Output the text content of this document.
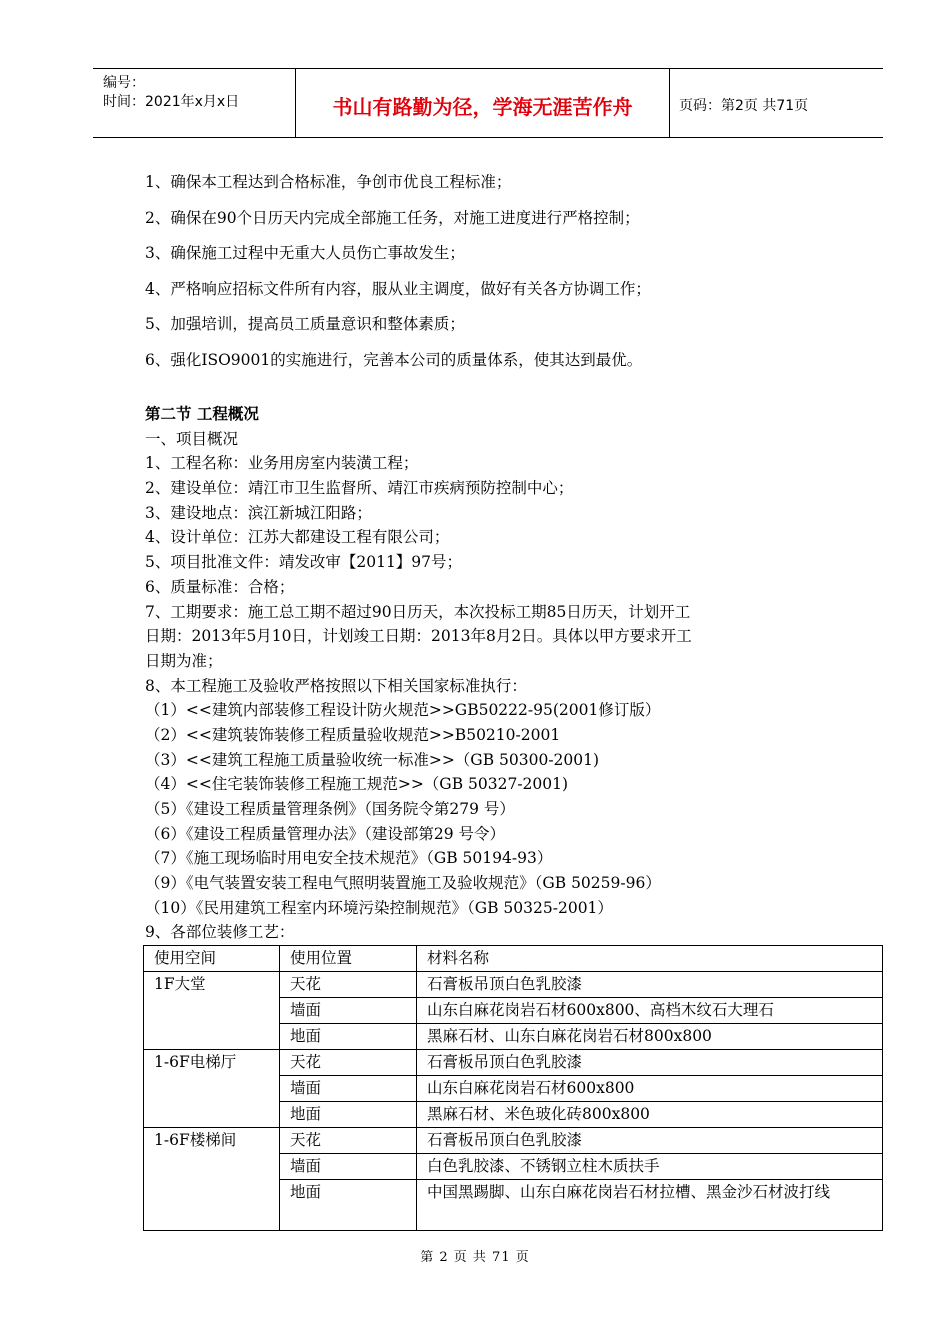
编号：
时间：2021年x月x日	书山有路勤为径，学海无涯苦作舟	页码：第2页 共71页

1、确保本工程达到合格标准，争创市优良工程标准；

2、确保在90个日历天内完成全部施工任务，对施工进度进行严格控制；

3、确保施工过程中无重大人员伤亡事故发生；

4、严格响应招标文件所有内容，服从业主调度，做好有关各方协调工作；

5、加强培训，提高员工质量意识和整体素质；

6、强化ISO9001的实施进行，完善本公司的质量体系，使其达到最优。

第二节 工程概况
一、项目概况
1、工程名称：业务用房室内装潢工程；
2、建设单位：靖江市卫生监督所、靖江市疾病预防控制中心；
3、建设地点：滨江新城江阳路；
4、设计单位：江苏大都建设工程有限公司；
5、项目批准文件：靖发改审【2011】97号；
6、质量标准：合格；
7、工期要求：施工总工期不超过90日历天，本次投标工期85日历天，计划开工
日期：2013年5月10日，计划竣工日期：2013年8月2日。具体以甲方要求开工
日期为准；
8、本工程施工及验收严格按照以下相关国家标准执行：
（1）<<建筑内部装修工程设计防火规范>>GB50222-95(2001修订版）
（2）<<建筑装饰装修工程质量验收规范>>B50210-2001
（3）<<建筑工程施工质量验收统一标准>>（GB 50300-2001)
（4）<<住宅装饰装修工程施工规范>>（GB 50327-2001)
（5）《建设工程质量管理条例》（国务院令第279 号）
（6）《建设工程质量管理办法》（建设部第29 号令）
（7）《施工现场临时用电安全技术规范》（GB 50194-93）
（9）《电气装置安装工程电气照明装置施工及验收规范》（GB 50259-96）
（10）《民用建筑工程室内环境污染控制规范》（GB 50325-2001）
9、各部位装修工艺：
使用空间	使用位置	材料名称
1F大堂	天花	石膏板吊顶白色乳胶漆
	墙面	山东白麻花岗岩石材600x800、高档木纹石大理石
	地面	黑麻石材、山东白麻花岗岩石材800x800
1-6F电梯厅	天花	石膏板吊顶白色乳胶漆
	墙面	山东白麻花岗岩石材600x800
	地面	黑麻石材、米色玻化砖800x800
1-6F楼梯间	天花	石膏板吊顶白色乳胶漆
	墙面	白色乳胶漆、不锈钢立柱木质扶手
	地面	中国黑踢脚、山东白麻花岗岩石材拉槽、黑金沙石材波打线
第 2 页 共 71 页
